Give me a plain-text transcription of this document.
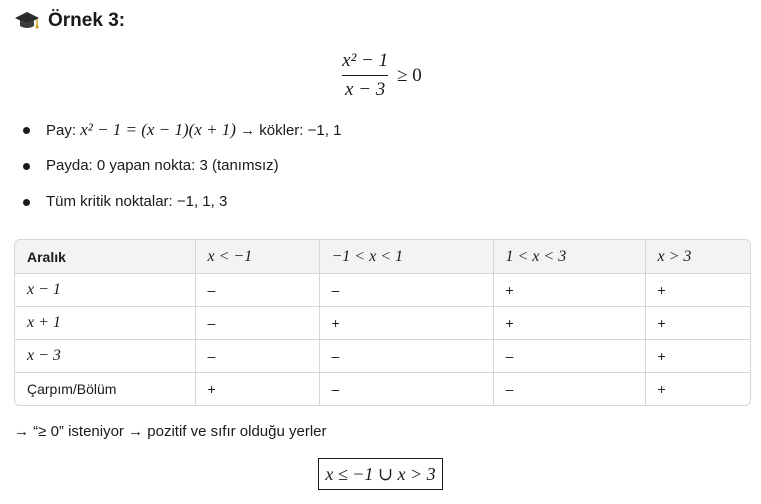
Örnek 3:
$\frac{\text{x² − 1}}{x - 3} \ge 0$
Pay: x² − 1 = (x − 1)(x + 1) → kökler: −1, 1
Payda: 0 yapan nokta: 3 (tanımsız)
Tüm kritik noktalar: −1, 1, 3
Aralık	x < −1	−1 < x < 1	1 < x < 3	x > 3
x − 1	–	–	+	+
x + 1	–	+	+	+
x − 3	–	–	–	+
Çarpım/Bölüm	+	–	–	+
→ “≥ 0” isteniyor → pozitif ve sıfır olduğu yerler
x ≤ −1 ∪ x > 3
